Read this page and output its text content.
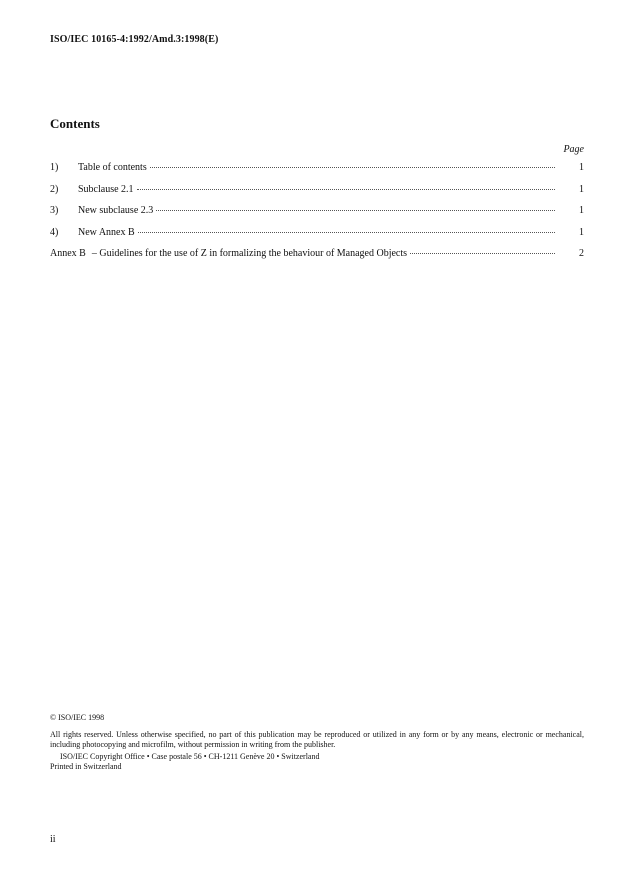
ISO/IEC 10165-4:1992/Amd.3:1998(E)
Contents
Page
1)	Table of contents	1
2)	Subclause 2.1	1
3)	New subclause 2.3	1
4)	New Annex B	1
Annex B – Guidelines for the use of Z in formalizing the behaviour of Managed Objects	2
© ISO/IEC 1998
All rights reserved. Unless otherwise specified, no part of this publication may be reproduced or utilized in any form or by any means, electronic or mechanical, including photocopying and microfilm, without permission in writing from the publisher.
ISO/IEC Copyright Office • Case postale 56 • CH-1211 Genève 20 • Switzerland
Printed in Switzerland
ii
